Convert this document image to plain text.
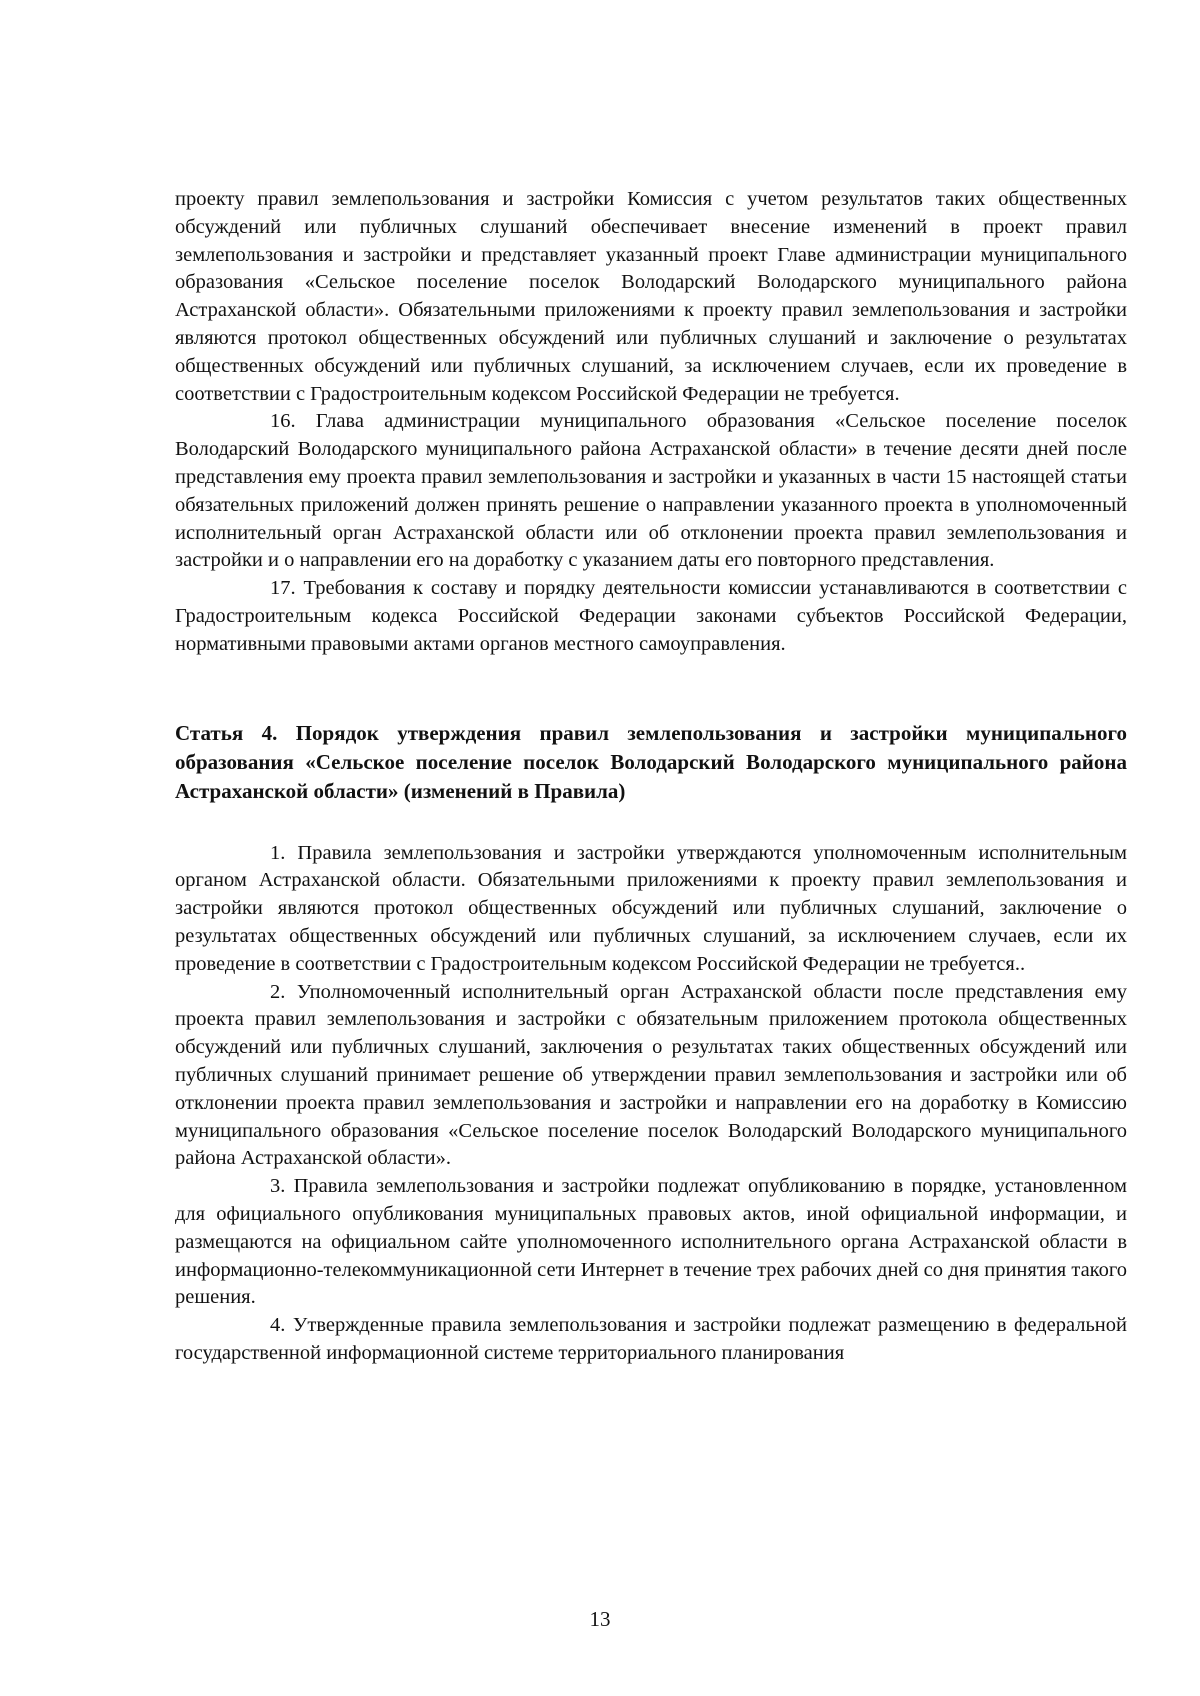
проекту правил землепользования и застройки Комиссия с учетом результатов таких общественных обсуждений или публичных слушаний обеспечивает внесение изменений в проект правил землепользования и застройки и представляет указанный проект Главе администрации муниципального образования «Сельское поселение поселок Володарский Володарского муниципального района Астраханской области». Обязательными приложениями к проекту правил землепользования и застройки являются протокол общественных обсуждений или публичных слушаний и заключение о результатах общественных обсуждений или публичных слушаний, за исключением случаев, если их проведение в соответствии с Градостроительным кодексом Российской Федерации не требуется.

16. Глава администрации муниципального образования «Сельское поселение поселок Володарский Володарского муниципального района Астраханской области» в течение десяти дней после представления ему проекта правил землепользования и застройки и указанных в части 15 настоящей статьи обязательных приложений должен принять решение о направлении указанного проекта в уполномоченный исполнительный орган Астраханской области или об отклонении проекта правил землепользования и застройки и о направлении его на доработку с указанием даты его повторного представления.

17. Требования к составу и порядку деятельности комиссии устанавливаются в соответствии с Градостроительным кодекса Российской Федерации законами субъектов Российской Федерации, нормативными правовыми актами органов местного самоуправления.

Статья 4. Порядок утверждения правил землепользования и застройки муниципального образования «Сельское поселение поселок Володарский Володарского муниципального района Астраханской области» (изменений в Правила)

1. Правила землепользования и застройки утверждаются уполномоченным исполнительным органом Астраханской области. Обязательными приложениями к проекту правил землепользования и застройки являются протокол общественных обсуждений или публичных слушаний, заключение о результатах общественных обсуждений или публичных слушаний, за исключением случаев, если их проведение в соответствии с Градостроительным кодексом Российской Федерации не требуется..

2. Уполномоченный исполнительный орган Астраханской области после представления ему проекта правил землепользования и застройки с обязательным приложением протокола общественных обсуждений или публичных слушаний, заключения о результатах таких общественных обсуждений или публичных слушаний принимает решение об утверждении правил землепользования и застройки или об отклонении проекта правил землепользования и застройки и направлении его на доработку в Комиссию муниципального образования «Сельское поселение поселок Володарский Володарского муниципального района Астраханской области».

3. Правила землепользования и застройки подлежат опубликованию в порядке, установленном для официального опубликования муниципальных правовых актов, иной официальной информации, и размещаются на официальном сайте уполномоченного исполнительного органа Астраханской области в информационно-телекоммуникационной сети Интернет в течение трех рабочих дней со дня принятия такого решения.

4. Утвержденные правила землепользования и застройки подлежат размещению в федеральной государственной информационной системе территориального планирования

13
